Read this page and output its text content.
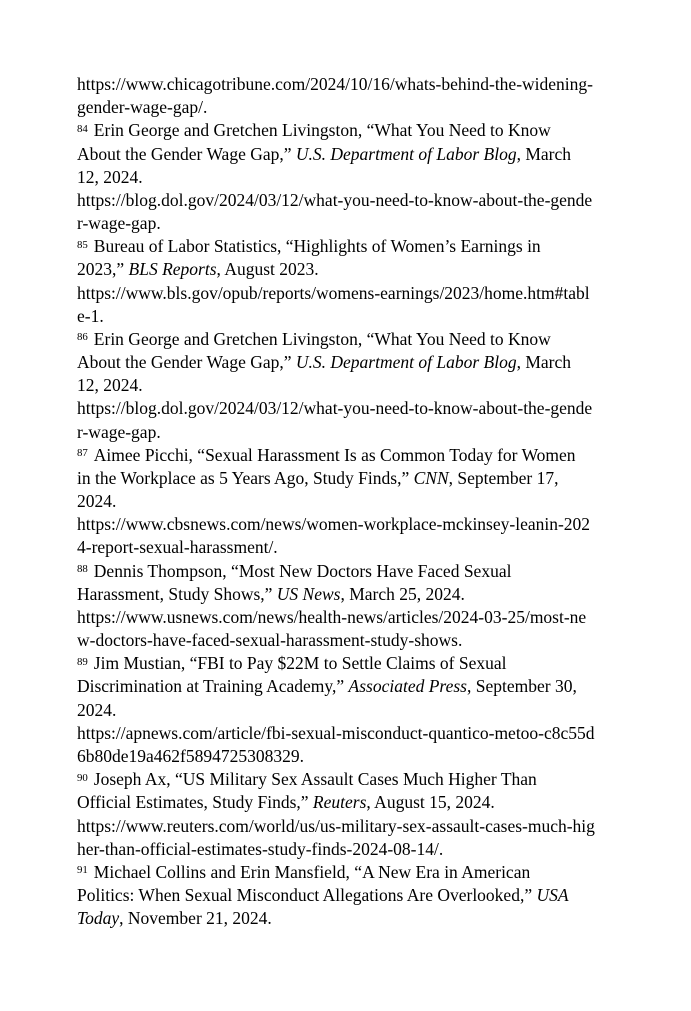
https://www.chicagotribune.com/2024/10/16/whats-behind-the-widening-
gender-wage-gap/.
$^{84}$ Erin George and Gretchen Livingston, “What You Need to Know
About the Gender Wage Gap,” U.S. Department of Labor Blog, March
12, 2024.
https://blog.dol.gov/2024/03/12/what-you-need-to-know-about-the-gende
r-wage-gap.
$^{85}$ Bureau of Labor Statistics, “Highlights of Women’s Earnings in
2023,” BLS Reports, August 2023.
https://www.bls.gov/opub/reports/womens-earnings/2023/home.htm#tabl
e-1.
$^{86}$ Erin George and Gretchen Livingston, “What You Need to Know
About the Gender Wage Gap,” U.S. Department of Labor Blog, March
12, 2024.
https://blog.dol.gov/2024/03/12/what-you-need-to-know-about-the-gende
r-wage-gap.
$^{87}$ Aimee Picchi, “Sexual Harassment Is as Common Today for Women
in the Workplace as 5 Years Ago, Study Finds,” CNN, September 17,
2024.
https://www.cbsnews.com/news/women-workplace-mckinsey-leanin-202
4-report-sexual-harassment/.
$^{88}$ Dennis Thompson, “Most New Doctors Have Faced Sexual
Harassment, Study Shows,” US News, March 25, 2024.
https://www.usnews.com/news/health-news/articles/2024-03-25/most-ne
w-doctors-have-faced-sexual-harassment-study-shows.
$^{89}$ Jim Mustian, “FBI to Pay $22M to Settle Claims of Sexual
Discrimination at Training Academy,” Associated Press, September 30,
2024.
https://apnews.com/article/fbi-sexual-misconduct-quantico-metoo-c8c55d
6b80de19a462f5894725308329.
$^{90}$ Joseph Ax, “US Military Sex Assault Cases Much Higher Than
Official Estimates, Study Finds,” Reuters, August 15, 2024.
https://www.reuters.com/world/us/us-military-sex-assault-cases-much-hig
her-than-official-estimates-study-finds-2024-08-14/.
$^{91}$ Michael Collins and Erin Mansfield, “A New Era in American
Politics: When Sexual Misconduct Allegations Are Overlooked,” USA
Today, November 21, 2024.
